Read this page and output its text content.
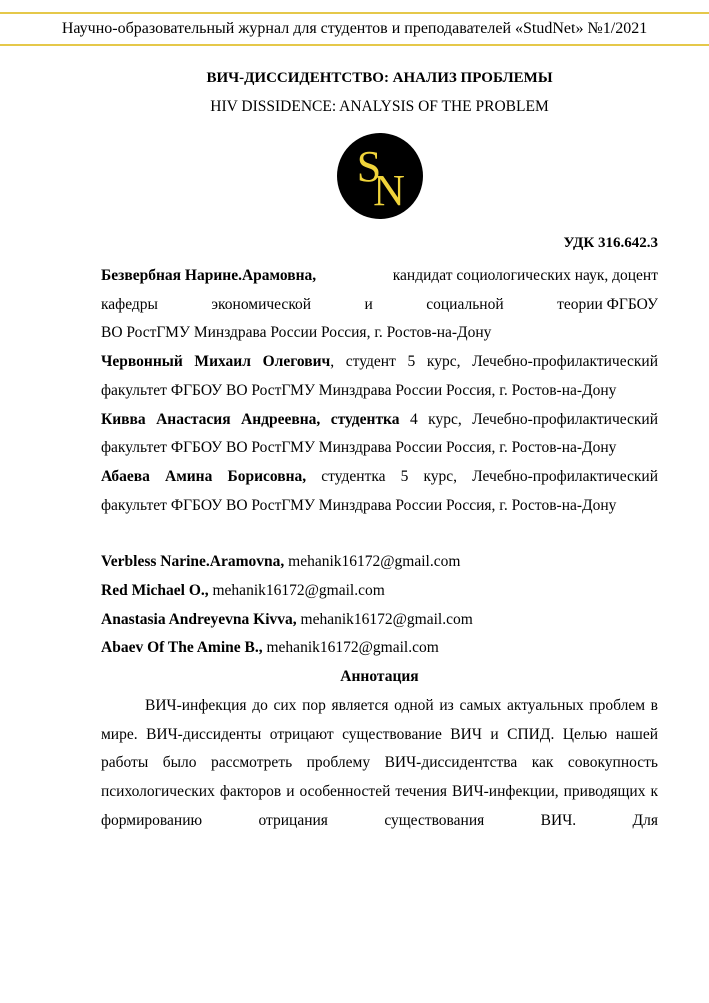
Научно-образовательный журнал для студентов и преподавателей «StudNet» №1/2021
ВИЧ-ДИССИДЕНТСТВО: АНАЛИЗ ПРОБЛЕМЫ
HIV DISSIDENCE: ANALYSIS OF THE PROBLEM
S
N
УДК 316.642.3

Безвербная Нарине.Арамовна,	кандидат социологических наук, доцент
кафедры	экономической	и	социальной	теории ФГБОУ
ВО РостГМУ Минздрава России Россия, г. Ростов-на-Дону

Червонный Михаил Олегович, студент 5 курс, Лечебно-профилактический факультет ФГБОУ ВО РостГМУ Минздрава России Россия, г. Ростов-на-Дону

Кивва Анастасия Андреевна, студентка 4 курс, Лечебно-профилактический факультет ФГБОУ ВО РостГМУ Минздрава России Россия, г. Ростов-на-Дону

Абаева Амина Борисовна, студентка 5 курс, Лечебно-профилактический факультет ФГБОУ ВО РостГМУ Минздрава России Россия, г. Ростов-на-Дону

Verbless Narine.Aramovna, mehanik16172@gmail.com

Red Michael O., mehanik16172@gmail.com

Anastasia Andreyevna Kivva, mehanik16172@gmail.com

Abaev Of The Amine B., mehanik16172@gmail.com

Аннотация

ВИЧ-инфекция до сих пор является одной из самых актуальных проблем в мире. ВИЧ-диссиденты отрицают существование ВИЧ и СПИД. Целью нашей работы было рассмотреть проблему ВИЧ-диссидентства как совокупность психологических факторов и особенностей течения ВИЧ-инфекции, приводящих к формированию отрицания существования ВИЧ. Для
